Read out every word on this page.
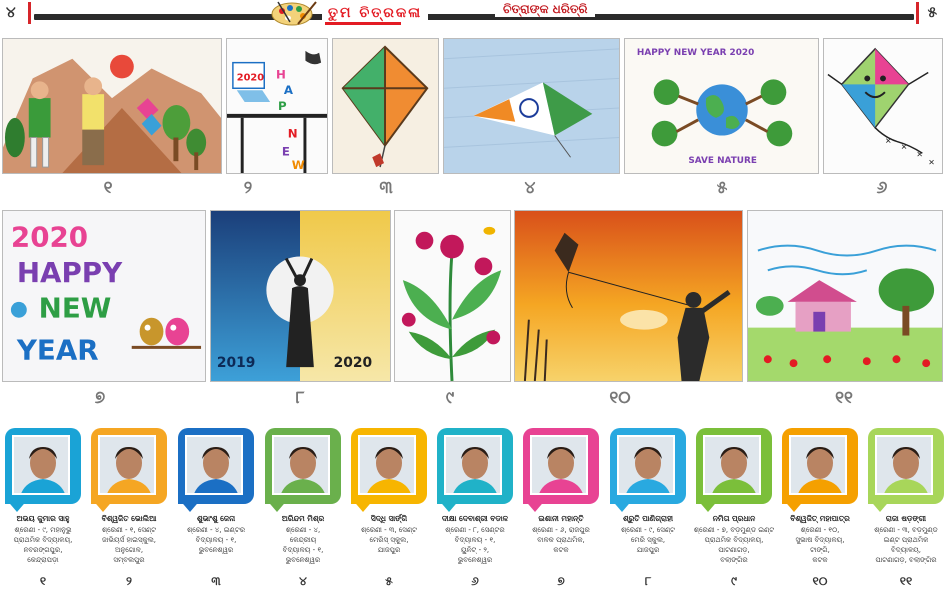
୪	୫
ତୁମ ଚିତ୍ରକଳା	ଚିତ୍ରାଙ୍କ ଧରିତ୍ରି
୧
2020 H
A
P
N
E
W
୨	୩	୪
HAPPY NEW YEAR 2020
SAVE NATURE
୫
✕
✕
✕
✕
୬
2020
HAPPY
NEW
YEAR
୭
2019	2020
୮	୯	୧୦	୧୧
ଅଭୟ କୁମାର ସାହୁ
ଶ୍ରେଣୀ - ୯, ମହାନୁଭୁ
ପ୍ରାଥମିକ ବିଦ୍ୟାଳୟ,
ନବରଙ୍ଗପୁର,
କେନ୍ଦ୍ରାପଡ଼ା
୧
ବିଶ୍ୱଜିତ ଭୋଲିଆ
ଶ୍ରେଣୀ - ୧, ସେଣ୍ଟ
ଜାଭିୟର୍ସ ହାଇସ୍କୁଲ,
ଅନୁଗୋଳ,
ସମ୍ବଲପୁର
୨
ଶୁଭାଂଶୁ ଜେନା
ଶ୍ରେଣୀ - ୪, ଇଣ୍ଟର
ବିଦ୍ୟାଳୟ - ୧,
ଭୁବନେଶ୍ୱର
୩
ଅରିନ୍ଦମ ମିଶ୍ର
ଶ୍ରେଣୀ - ୪,
କେନ୍ଦ୍ରୀୟ
ବିଦ୍ୟାଳୟ - ୧,
ଭୁବନେଶ୍ୱର
୪
ସିଦ୍ଧି ସାର୍ଙ୍ଗି
ଶ୍ରେଣୀ - ୩, ସେଣ୍ଟ
ମେରିସ୍ ସ୍କୁଲ,
ଯାଜପୁର
୫
ଦୀକ୍ଷା ଦେବାଶ୍ରୀ ବଡାଳ
ଶ୍ରେଣୀ - ୮, ସେଣ୍ଟର
ବିଦ୍ୟାଳୟ - ୧,
ୟୁନିଟ୍ - ୨,
ଭୁବନେଶ୍ୱର
୬
ଇଶାନୀ ମହାନ୍ତି
ଶ୍ରେଣୀ - ୬, ରାଜପୁର
ବାଳକ ପ୍ରାଥମିକ,
କଟକ
୭
ଶ୍ରୁତି ପାଣିଗ୍ରାହୀ
ଶ୍ରେଣୀ - ୯, ସେଣ୍ଟ
ମେରି ସ୍କୁଲ,
ଯାଜପୁର
୮
ନମିତା ପ୍ରଧାନ
ଶ୍ରେଣୀ - ୭, ବଡ଼ମୁଣ୍ଡ ଇଣ୍ଟ
ପ୍ରାଥମିକ ବିଦ୍ୟାଳୟ,
ପାଟଣାଗଡ଼,
ବଲାଙ୍ଗିର
୯
ବିଶ୍ୱଜିତ୍ ମହାପାତ୍ର
ଶ୍ରେଣୀ - ୧୦,
ସୁଭାଷ ବିଦ୍ୟାଳୟ,
ଟାଙ୍ଗି,
କଟକ
୧୦
ରାଜା ଷଡ଼ଙ୍ଗୀ
ଶ୍ରେଣୀ - ୩, ବଡ଼ମୁଣ୍ଡ
ଇଣ୍ଟ ପ୍ରାଥମିକ
ବିଦ୍ୟାଳୟ,
ପାଟଣାଗଡ଼, ବଲାଙ୍ଗିର
୧୧
